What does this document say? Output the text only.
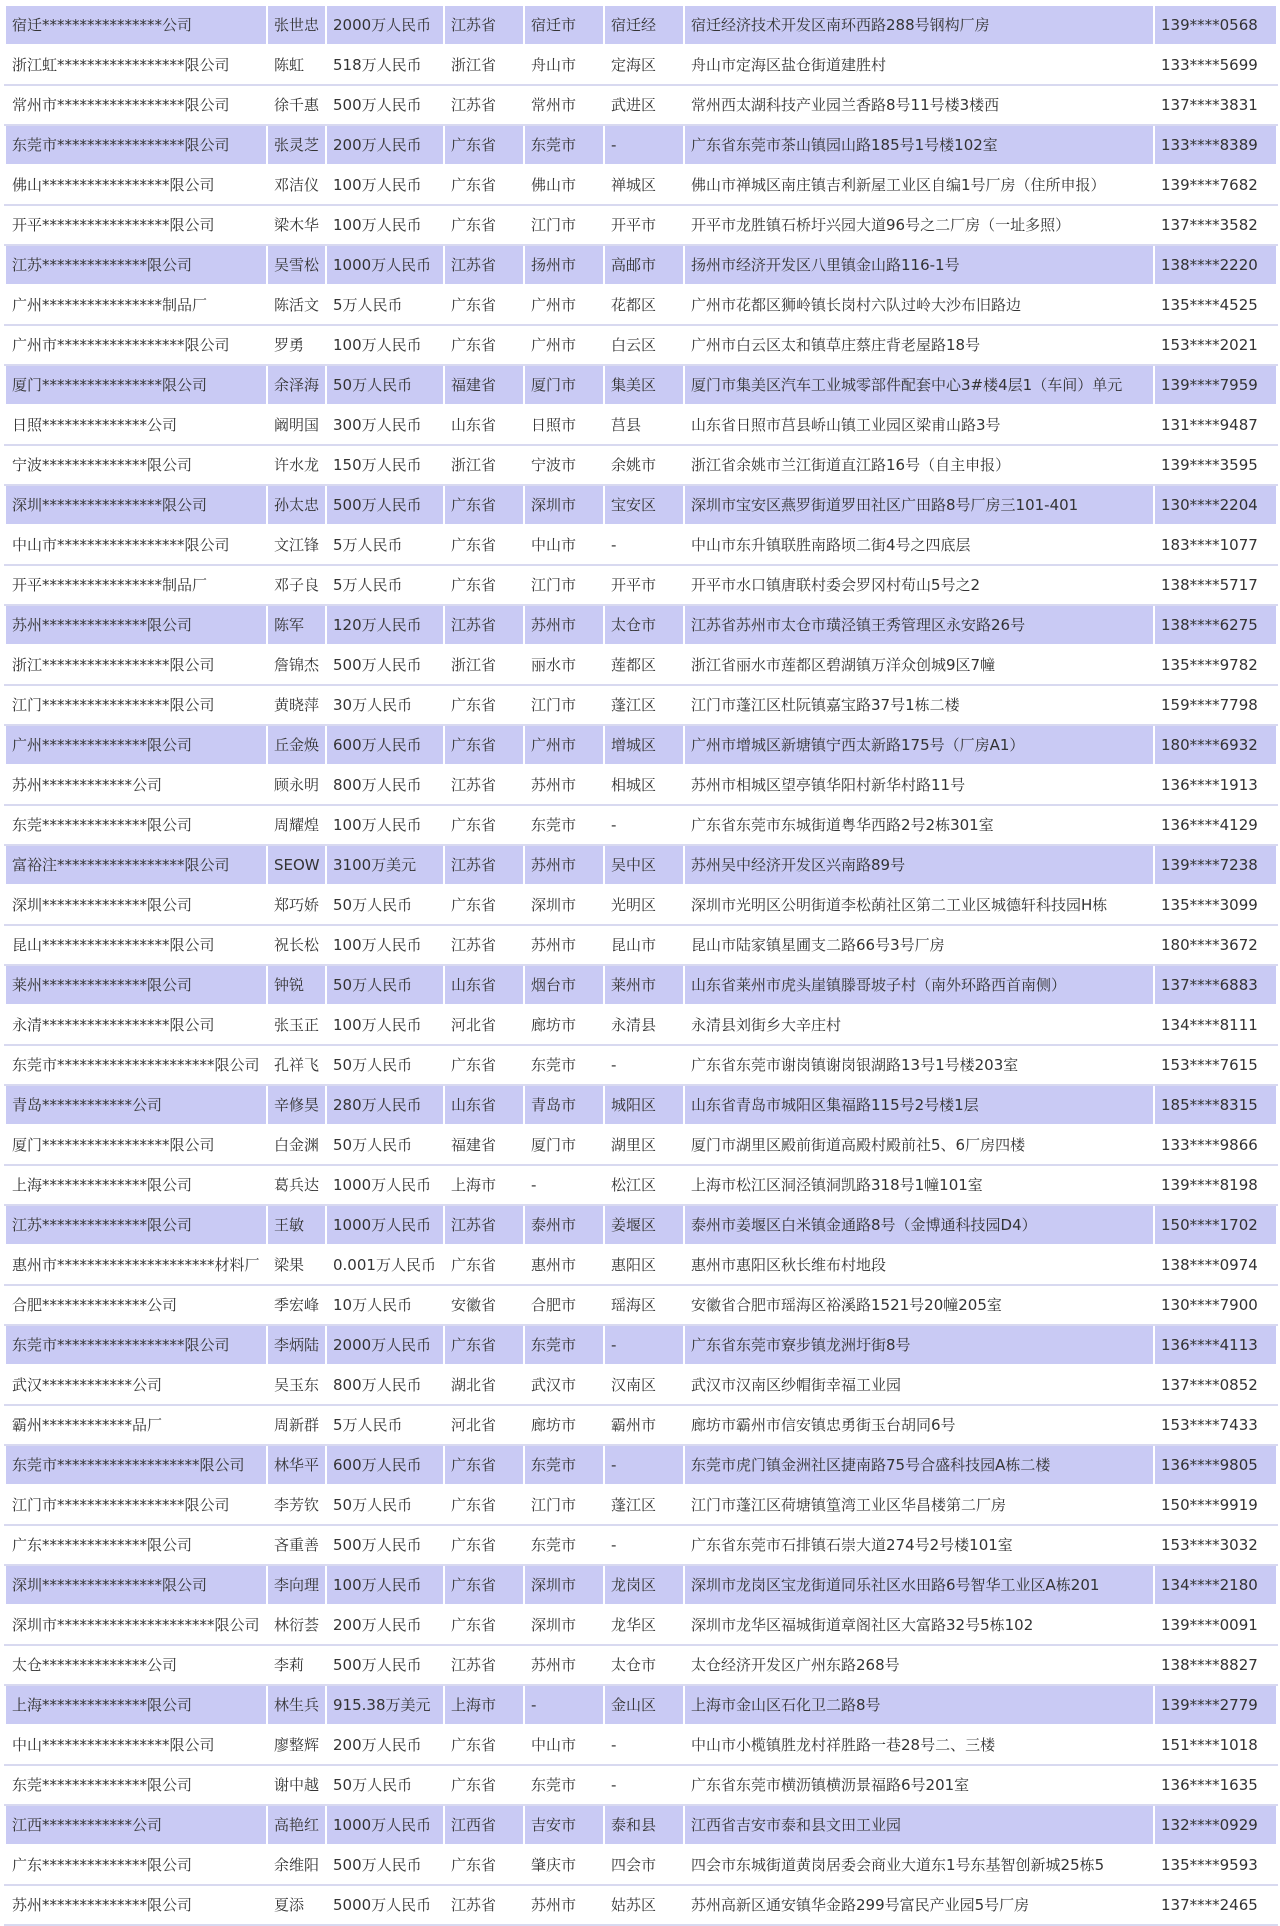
宿迁****************公司	张世忠	2000万人民币	江苏省	宿迁市	宿迁经	宿迁经济技术开发区南环西路288号钢构厂房	139****0568
浙江虹*****************限公司	陈虹	518万人民币	浙江省	舟山市	定海区	舟山市定海区盐仓街道建胜村	133****5699
常州市*****************限公司	徐千惠	500万人民币	江苏省	常州市	武进区	常州西太湖科技产业园兰香路8号11号楼3楼西	137****3831
东莞市*****************限公司	张灵芝	200万人民币	广东省	东莞市	-	广东省东莞市茶山镇园山路185号1号楼102室	133****8389
佛山*****************限公司	邓洁仪	100万人民币	广东省	佛山市	禅城区	佛山市禅城区南庄镇吉利新屋工业区自编1号厂房（住所申报）	139****7682
开平*****************限公司	梁木华	100万人民币	广东省	江门市	开平市	开平市龙胜镇石桥圩兴园大道96号之二厂房（一址多照）	137****3582
江苏**************限公司	吴雪松	1000万人民币	江苏省	扬州市	高邮市	扬州市经济开发区八里镇金山路116-1号	138****2220
广州****************制品厂	陈活文	5万人民币	广东省	广州市	花都区	广州市花都区狮岭镇长岗村六队过岭大沙布旧路边	135****4525
广州市*****************限公司	罗勇	100万人民币	广东省	广州市	白云区	广州市白云区太和镇草庄蔡庄背老屋路18号	153****2021
厦门****************限公司	余泽海	50万人民币	福建省	厦门市	集美区	厦门市集美区汽车工业城零部件配套中心3#楼4层1（车间）单元	139****7959
日照**************公司	阚明国	300万人民币	山东省	日照市	莒县	山东省日照市莒县峤山镇工业园区梁甫山路3号	131****9487
宁波**************限公司	许水龙	150万人民币	浙江省	宁波市	余姚市	浙江省余姚市兰江街道直江路16号（自主申报）	139****3595
深圳****************限公司	孙太忠	500万人民币	广东省	深圳市	宝安区	深圳市宝安区燕罗街道罗田社区广田路8号厂房三101-401	130****2204
中山市*****************限公司	文江锋	5万人民币	广东省	中山市	-	中山市东升镇联胜南路顷二街4号之四底层	183****1077
开平****************制品厂	邓子良	5万人民币	广东省	江门市	开平市	开平市水口镇唐联村委会罗冈村荀山5号之2	138****5717
苏州**************限公司	陈军	120万人民币	江苏省	苏州市	太仓市	江苏省苏州市太仓市璜泾镇王秀管理区永安路26号	138****6275
浙江*****************限公司	詹锦杰	500万人民币	浙江省	丽水市	莲都区	浙江省丽水市莲都区碧湖镇万洋众创城9区7幢	135****9782
江门*****************限公司	黄晓萍	30万人民币	广东省	江门市	蓬江区	江门市蓬江区杜阮镇嘉宝路37号1栋二楼	159****7798
广州**************限公司	丘金焕	600万人民币	广东省	广州市	增城区	广州市增城区新塘镇宁西太新路175号（厂房A1）	180****6932
苏州************公司	顾永明	800万人民币	江苏省	苏州市	相城区	苏州市相城区望亭镇华阳村新华村路11号	136****1913
东莞**************限公司	周耀煌	100万人民币	广东省	东莞市	-	广东省东莞市东城街道粤华西路2号2栋301室	136****4129
富裕注*****************限公司	SEOW	3100万美元	江苏省	苏州市	吴中区	苏州吴中经济开发区兴南路89号	139****7238
深圳**************限公司	郑巧娇	50万人民币	广东省	深圳市	光明区	深圳市光明区公明街道李松蓢社区第二工业区城德轩科技园H栋	135****3099
昆山*****************限公司	祝长松	100万人民币	江苏省	苏州市	昆山市	昆山市陆家镇星圃支二路66号3号厂房	180****3672
莱州**************限公司	钟锐	50万人民币	山东省	烟台市	莱州市	山东省莱州市虎头崖镇滕哥坡子村（南外环路西首南侧）	137****6883
永清*****************限公司	张玉正	100万人民币	河北省	廊坊市	永清县	永清县刘街乡大辛庄村	134****8111
东莞市*********************限公司	孔祥飞	50万人民币	广东省	东莞市	-	广东省东莞市谢岗镇谢岗银湖路13号1号楼203室	153****7615
青岛************公司	辛修昊	280万人民币	山东省	青岛市	城阳区	山东省青岛市城阳区集福路115号2号楼1层	185****8315
厦门*****************限公司	白金渊	50万人民币	福建省	厦门市	湖里区	厦门市湖里区殿前街道高殿村殿前社5、6厂房四楼	133****9866
上海**************限公司	葛兵达	1000万人民币	上海市	-	松江区	上海市松江区洞泾镇洞凯路318号1幢101室	139****8198
江苏**************限公司	王敏	1000万人民币	江苏省	泰州市	姜堰区	泰州市姜堰区白米镇金通路8号（金博通科技园D4）	150****1702
惠州市*********************材料厂	梁果	0.001万人民币	广东省	惠州市	惠阳区	惠州市惠阳区秋长维布村地段	138****0974
合肥**************公司	季宏峰	10万人民币	安徽省	合肥市	瑶海区	安徽省合肥市瑶海区裕溪路1521号20幢205室	130****7900
东莞市*****************限公司	李炳陆	2000万人民币	广东省	东莞市	-	广东省东莞市寮步镇龙洲圩街8号	136****4113
武汉************公司	吴玉东	800万人民币	湖北省	武汉市	汉南区	武汉市汉南区纱帽街幸福工业园	137****0852
霸州************品厂	周新群	5万人民币	河北省	廊坊市	霸州市	廊坊市霸州市信安镇忠勇街玉台胡同6号	153****7433
东莞市*******************限公司	林华平	600万人民币	广东省	东莞市	-	东莞市虎门镇金洲社区捷南路75号合盛科技园A栋二楼	136****9805
江门市*****************限公司	李芳钦	50万人民币	广东省	江门市	蓬江区	江门市蓬江区荷塘镇篁湾工业区华昌楼第二厂房	150****9919
广东**************限公司	吝重善	500万人民币	广东省	东莞市	-	广东省东莞市石排镇石崇大道274号2号楼101室	153****3032
深圳****************限公司	李向理	100万人民币	广东省	深圳市	龙岗区	深圳市龙岗区宝龙街道同乐社区水田路6号智华工业区A栋201	134****2180
深圳市*********************限公司	林衍荟	200万人民币	广东省	深圳市	龙华区	深圳市龙华区福城街道章阁社区大富路32号5栋102	139****0091
太仓**************公司	李莉	500万人民币	江苏省	苏州市	太仓市	太仓经济开发区广州东路268号	138****8827
上海**************限公司	林生兵	915.38万美元	上海市	-	金山区	上海市金山区石化卫二路8号	139****2779
中山*****************限公司	廖整辉	200万人民币	广东省	中山市	-	中山市小榄镇胜龙村祥胜路一巷28号二、三楼	151****1018
东莞**************限公司	谢中越	50万人民币	广东省	东莞市	-	广东省东莞市横沥镇横沥景福路6号201室	136****1635
江西************公司	高艳红	1000万人民币	江西省	吉安市	泰和县	江西省吉安市泰和县文田工业园	132****0929
广东**************限公司	余维阳	500万人民币	广东省	肇庆市	四会市	四会市东城街道黄岗居委会商业大道东1号东基智创新城25栋5	135****9593
苏州**************限公司	夏添	5000万人民币	江苏省	苏州市	姑苏区	苏州高新区通安镇华金路299号富民产业园5号厂房	137****2465
